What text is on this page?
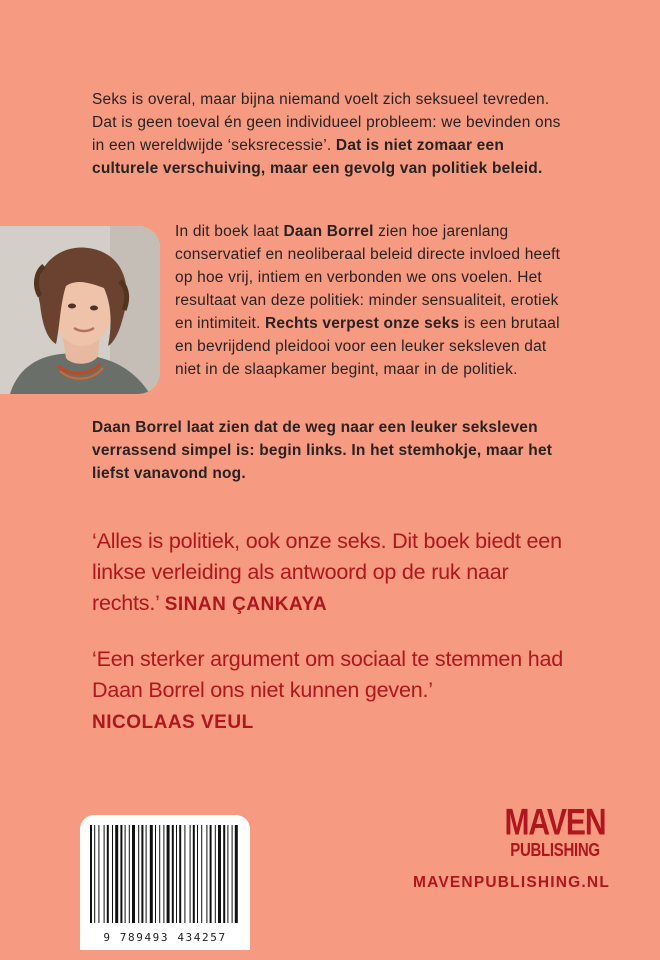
Seks is overal, maar bijna niemand voelt zich seksueel tevreden. Dat is geen toeval én geen individueel probleem: we bevinden ons in een wereldwijde ‘seksrecessie’. Dat is niet zomaar een culturele verschuiving, maar een gevolg van politiek beleid.

In dit boek laat Daan Borrel zien hoe jarenlang conservatief en neoliberaal beleid directe invloed heeft op hoe vrij, intiem en verbonden we ons voelen. Het resultaat van deze politiek: minder sensualiteit, erotiek en intimiteit. Rechts verpest onze seks is een brutaal en bevrijdend pleidooi voor een leuker seksleven dat niet in de slaapkamer begint, maar in de politiek.

Daan Borrel laat zien dat de weg naar een leuker seksleven verrassend simpel is: begin links. In het stemhokje, maar het liefst vanavond nog.

‘Alles is politiek, ook onze seks. Dit boek biedt een linkse verleiding als antwoord op de ruk naar rechts.’ SINAN ÇANKAYA

‘Een sterker argument om sociaal te stemmen had Daan Borrel ons niet kunnen geven.’
NICOLAAS VEUL

9 789493 434257
MAVEN
PUBLISHING
MAVENPUBLISHING.NL
